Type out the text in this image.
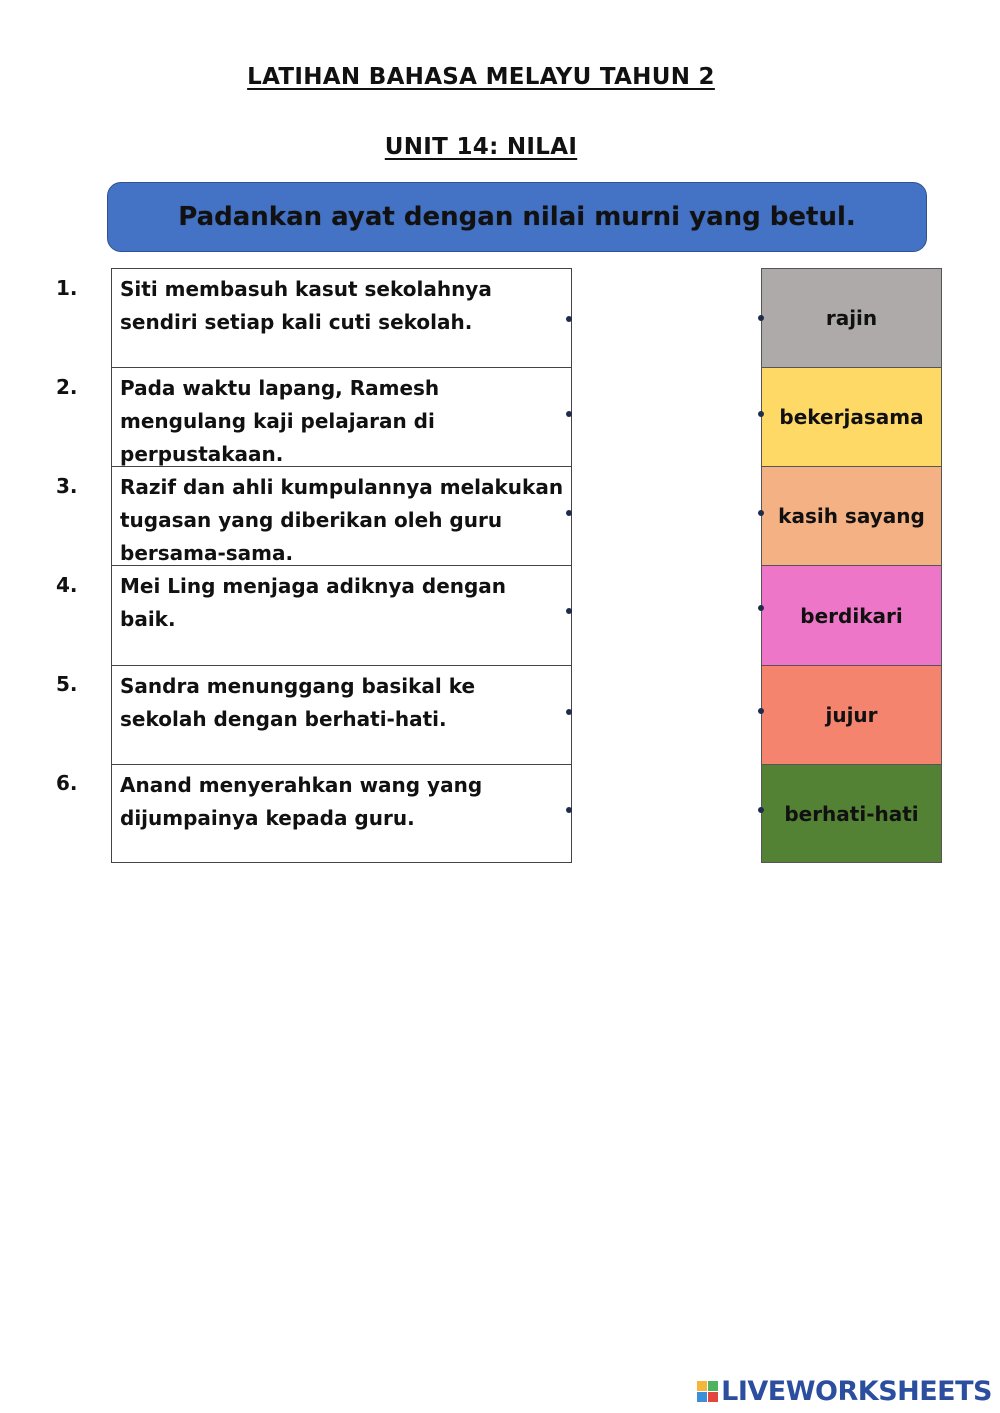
LATIHAN BAHASA MELAYU TAHUN 2
UNIT 14: NILAI
Padankan ayat dengan nilai murni yang betul.
1.	Siti membasuh kasut sekolahnya sendiri setiap kali cuti sekolah.
2.	Pada waktu lapang, Ramesh mengulang kaji pelajaran di perpustakaan.
3.	Razif dan ahli kumpulannya melakukan tugasan yang diberikan oleh guru bersama-sama.
4.	Mei Ling menjaga adiknya dengan baik.
5.	Sandra menunggang basikal ke sekolah dengan berhati-hati.
6.	Anand menyerahkan wang yang dijumpainya kepada guru.
rajin
bekerjasama
kasih sayang
berdikari
jujur
berhati-hati
LIVEWORKSHEETS
